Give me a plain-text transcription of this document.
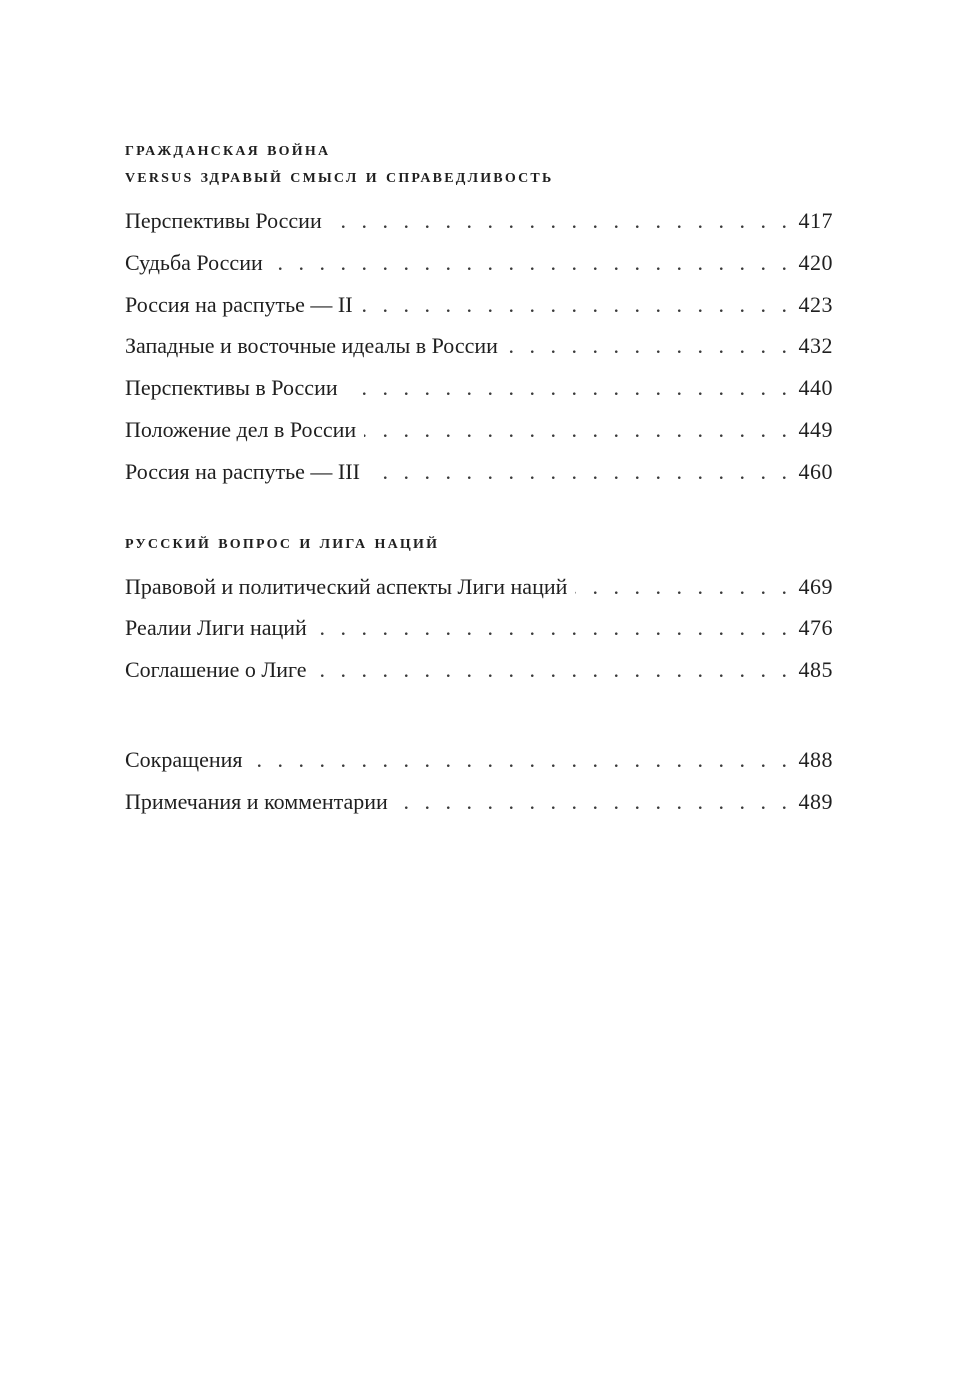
гражданская война
versus здравый смысл и справедливость
Перспективы России . . .	417
Судьба России . . .	420
Россия на распутье — II . . .	423
Западные и восточные идеалы в России . . .	432
Перспективы в России . . .	440
Положение дел в России . . .	449
Россия на распутье — III . . .	460
русский вопрос и лига наций
Правовой и политический аспекты Лиги наций . . .	469
Реалии Лиги наций . . .	476
Соглашение о Лиге . . .	485
Сокращения . . .	488
Примечания и комментарии . . .	489
